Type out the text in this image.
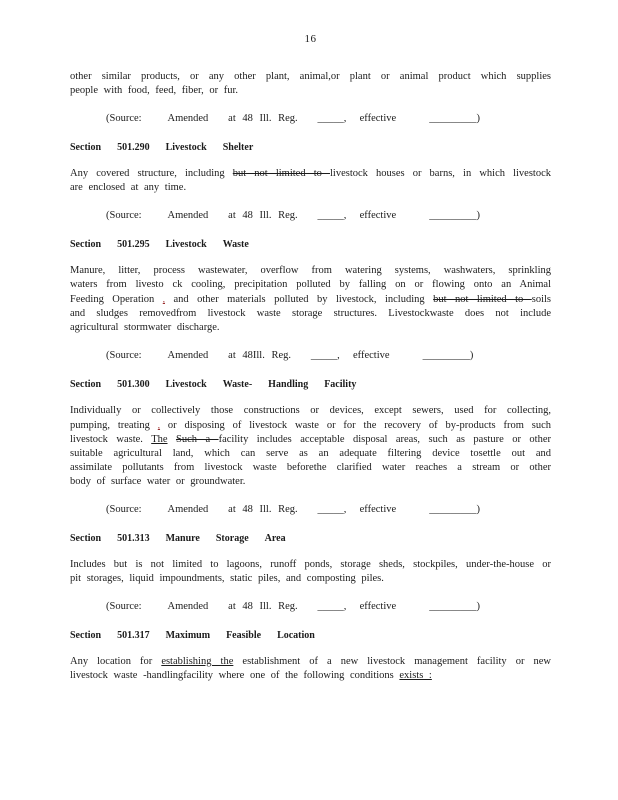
16
other similar products, or any other plant, animal,or plant or animal product which supplies
people with food, feed, fiber, or fur.
(Source:    Amended   at 48 Ill. Reg.   _____,  effective     _________)
Section 501.290 Livestock Shelter
Any covered structure, including but not limited to livestock houses or barns, in which livestock
are enclosed at any time.
(Source:    Amended   at 48 Ill. Reg.   _____,  effective     _________)
Section 501.295 Livestock Waste
Manure, litter, process wastewater, overflow from watering systems, washwaters, sprinkling
waters from livesto ck cooling, precipitation polluted by falling on or flowing onto an Animal
Feeding Operation , and other materials polluted by livestock, including but not limited to soils
and sludges removedfrom livestock waste storage structures. Livestockwaste does not include
agricultural stormwater discharge.
(Source:    Amended   at 48Ill. Reg.   _____,  effective     _________)
Section 501.300 Livestock Waste- Handling Facility
Individually or collectively those constructions or devices, except sewers, used for collecting,
pumping, treating , or disposing of livestock waste or for the recovery of by-products from such
livestock waste. The Such a facility includes acceptable disposal areas, such as pasture or other
suitable agricultural land, which can serve as an adequate filtering device tosettle out and
assimilate pollutants from livestock waste beforethe clarified water reaches a stream or other
body of surface water or groundwater.
(Source:    Amended   at 48 Ill. Reg.   _____,  effective     _________)
Section 501.313 Manure Storage Area
Includes but is not limited to lagoons, runoff ponds, storage sheds, stockpiles, under-the-house or
pit storages, liquid impoundments, static piles, and composting piles.
(Source:    Amended   at 48 Ill. Reg.   _____,  effective     _________)
Section 501.317 Maximum Feasible Location
Any location for establishing the establishment of a new livestock management facility or new
livestock waste -handlingfacility where one of the following conditions exists :
